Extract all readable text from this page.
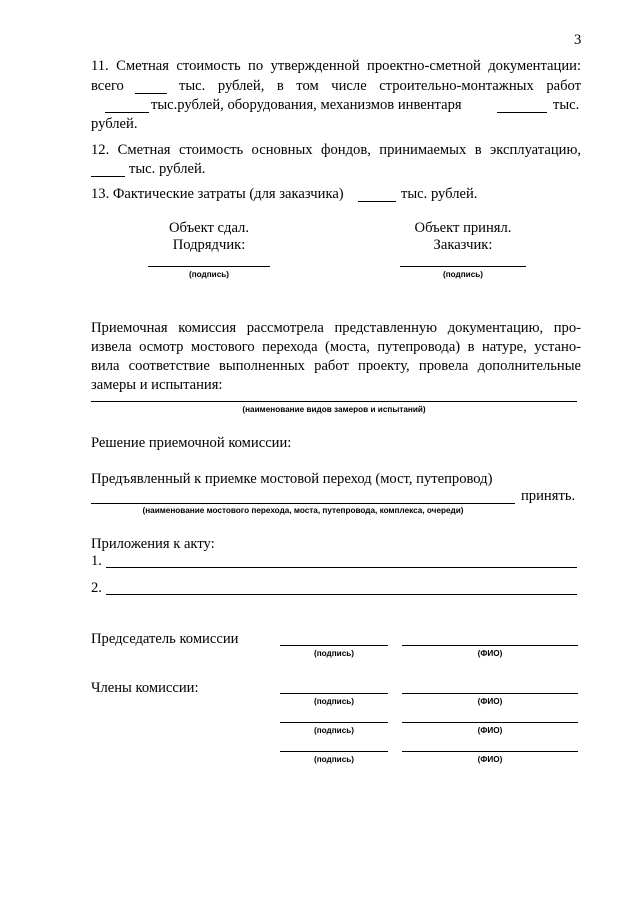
3
11. Сметная стоимость по утвержденной проектно-сметной документации:
всего	тыс. рублей, в том числе строительно-монтажных работ
тыс.рублей, оборудования, механизмов инвентаря	тыс.
рублей.
12. Сметная стоимость основных фондов, принимаемых в эксплуатацию,
тыс. рублей.
13. Фактические затраты (для заказчика)	тыс. рублей.
Объект сдал.
Подрядчик:
(подпись)
Объект принял.
Заказчик:
(подпись)
Приемочная комиссия рассмотрела представленную документацию, про-
извела осмотр мостового перехода (моста, путепровода) в натуре, устано-
вила соответствие выполненных работ проекту, провела дополнительные
замеры и испытания:
(наименование видов замеров и испытаний)
Решение приемочной комиссии:
Предъявленный к приемке мостовой переход (мост, путепровод)
принять.
(наименование мостового перехода, моста, путепровода, комплекса, очереди)
Приложения к акту:
1.
2.
Председатель комиссии
(подпись)	(ФИО)
Члены комиссии:
(подпись)	(ФИО)
(подпись)	(ФИО)
(подпись)	(ФИО)
